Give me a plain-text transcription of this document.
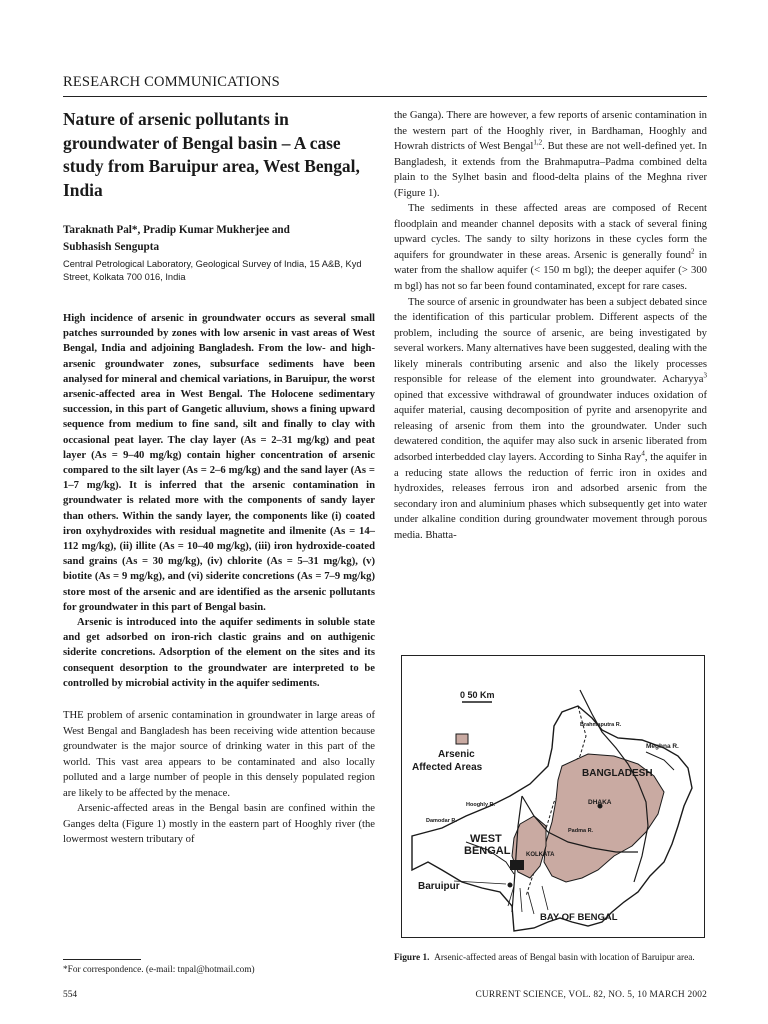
RESEARCH COMMUNICATIONS
Nature of arsenic pollutants in groundwater of Bengal basin – A case study from Baruipur area, West Bengal, India
Taraknath Pal*, Pradip Kumar Mukherjee and
Subhasish Sengupta
Central Petrological Laboratory, Geological Survey of India, 15 A&B, Kyd Street, Kolkata 700 016, India

High incidence of arsenic in groundwater occurs as several small patches surrounded by zones with low arsenic in vast areas of West Bengal, India and adjoining Bangladesh. From the low- and high-arsenic groundwater zones, subsurface sediments have been analysed for mineral and chemical variations, in Baruipur, the worst arsenic-affected area in West Bengal. The Holocene sedimentary succession, in this part of Gangetic alluvium, shows a fining upward sequence from medium to fine sand, silt and finally to clay with occasional peat layer. The clay layer (As = 2–31 mg/kg) and peat layer (As = 9–40 mg/kg) contain higher concentration of arsenic compared to the silt layer (As = 2–6 mg/kg) and the sand layer (As = 1–7 mg/kg). It is inferred that the arsenic contamination in groundwater is related more with the components of sandy layer than others. Within the sandy layer, the components like (i) coated iron oxyhydroxides with residual magnetite and ilmenite (As = 14–112 mg/kg), (ii) illite (As = 10–40 mg/kg), (iii) iron hydroxide-coated sand grains (As = 30 mg/kg), (iv) chlorite (As = 5–31 mg/kg), (v) biotite (As = 9 mg/kg), and (vi) siderite concretions (As = 7–9 mg/kg) store most of the arsenic and are identified as the arsenic pollutants for groundwater in this part of Bengal basin.

Arsenic is introduced into the aquifer sediments in soluble state and get adsorbed on iron-rich clastic grains and on authigenic siderite concretions. Adsorption of the element on the sites and its consequent desorption to the groundwater are interpreted to be controlled by microbial activity in the aquifer sediments.

THE problem of arsenic contamination in groundwater in large areas of West Bengal and Bangladesh has been receiving wide attention because groundwater is the major source of drinking water in this part of the world. This vast area appears to be contaminated and also locally polluted and a large number of people in this densely populated region are likely to be affected by the menace.

Arsenic-affected areas in the Bengal basin are confined within the Ganges delta (Figure 1) mostly in the eastern part of Hooghly river (the lowermost western tributary of

the Ganga). There are however, a few reports of arsenic contamination in the western part of the Hooghly river, in Bardhaman, Hooghly and Howrah districts of West Bengal$^{1,2}$. But these are not well-defined yet. In Bangladesh, it extends from the Brahmaputra–Padma combined delta plain to the Sylhet basin and flood-delta plains of the Meghna river (Figure 1).

The sediments in these affected areas are composed of Recent floodplain and meander channel deposits with a stack of several fining upward cycles. The sandy to silty horizons in these cycles form the aquifers for groundwater in these areas. Arsenic is generally found$^2$ in water from the shallow aquifer (< 150 m bgl); the deeper aquifer (> 300 m bgl) has not so far been found contaminated, except for rare cases.

The source of arsenic in groundwater has been a subject debated since the identification of this particular problem. Different aspects of the problem, including the source of arsenic, are being investigated by several workers. Many alternatives have been suggested, dealing with the likely minerals contributing arsenic and also the likely processes responsible for release of the element into groundwater. Acharyya$^3$ opined that excessive withdrawal of groundwater induces oxidation of aquifer material, causing decomposition of pyrite and arsenopyrite and releasing of arsenic from them into the groundwater. Under such dewatered condition, the aquifer may also suck in arsenic liberated from adsorbed interbedded clay layers. According to Sinha Ray$^4$, the aquifer in a reducing state allows the reduction of ferric iron in oxides and hydroxides, releases ferrous iron and adsorbed arsenic from the secondary iron and aluminium phases which subsequently get into water under alkaline condition during groundwater movement through porous media. Bhatta-

0 50 Km
Arsenic
Affected Areas
Brahmaputra R.
Meghna R.
BANGLADESH
DHAKA
Hooghly R.
Damodar R.
Padma R.
WEST
BENGAL	KOLKATA
Baruipur
BAY OF BENGAL
Figure 1. Arsenic-affected areas of Bengal basin with location of Baruipur area.
*For correspondence. (e-mail: tnpal@hotmail.com)
554	CURRENT SCIENCE, VOL. 82, NO. 5, 10 MARCH 2002
